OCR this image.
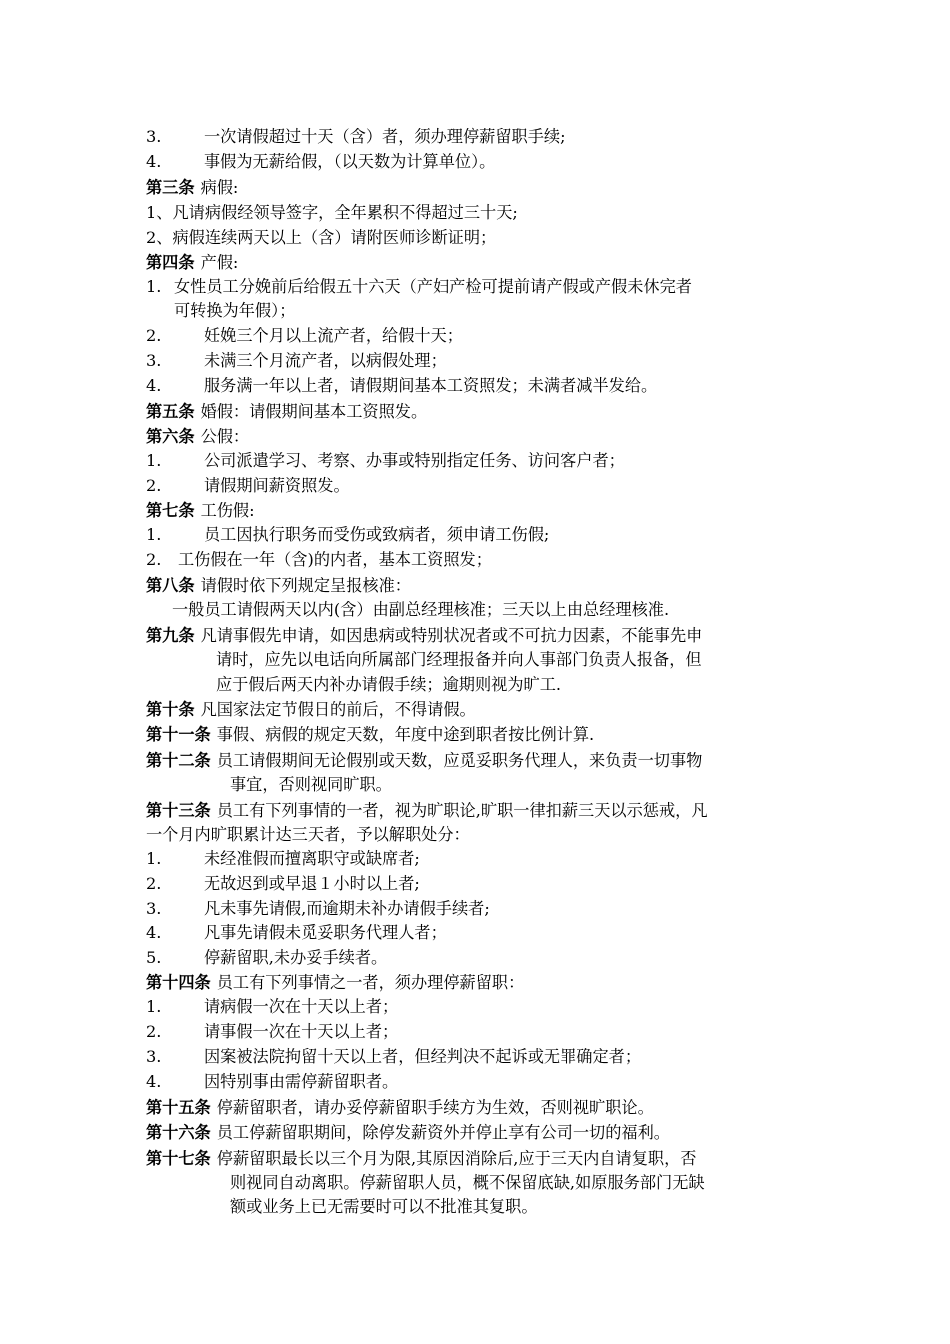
3.	一次请假超过十天（含）者，须办理停薪留职手续;
4.	事假为无薪给假，（以天数为计算单位）。
第三条 病假:
1、凡请病假经领导签字，全年累积不得超过三十天;
2、病假连续两天以上（含）请附医师诊断证明；
第四条 产假:
1. 女性员工分娩前后给假五十六天（产妇产检可提前请产假或产假未休完者
可转换为年假）；
2.	妊娩三个月以上流产者，给假十天；
3.	未满三个月流产者，以病假处理；
4.	服务满一年以上者，请假期间基本工资照发；未满者减半发给。
第五条 婚假：请假期间基本工资照发。
第六条 公假：
1.	公司派遣学习、考察、办事或特别指定任务、访问客户者；
2.	请假期间薪资照发。
第七条 工伤假:
1.	员工因执行职务而受伤或致病者，须申请工伤假;
2. 工伤假在一年（含)的内者，基本工资照发；
第八条 请假时依下列规定呈报核准：
一般员工请假两天以内(含）由副总经理核准；三天以上由总经理核准.
第九条 凡请事假先申请，如因患病或特别状况者或不可抗力因素，不能事先申
请时，应先以电话向所属部门经理报备并向人事部门负责人报备，但
应于假后两天内补办请假手续；逾期则视为旷工.
第十条 凡国家法定节假日的前后，不得请假。
第十一条 事假、病假的规定天数，年度中途到职者按比例计算.
第十二条 员工请假期间无论假别或天数，应觅妥职务代理人，来负责一切事物
事宜，否则视同旷职。
第十三条 员工有下列事情的一者，视为旷职论,旷职一律扣薪三天以示惩戒，凡
一个月内旷职累计达三天者，予以解职处分：
1.	未经准假而擅离职守或缺席者;
2.	无故迟到或早退１小时以上者;
3.	凡未事先请假,而逾期未补办请假手续者;
4.	凡事先请假未觅妥职务代理人者；
5.	停薪留职,未办妥手续者。
第十四条 员工有下列事情之一者，须办理停薪留职：
1.	请病假一次在十天以上者；
2.	请事假一次在十天以上者；
3.	因案被法院拘留十天以上者，但经判决不起诉或无罪确定者；
4.	因特别事由需停薪留职者。
第十五条 停薪留职者，请办妥停薪留职手续方为生效，否则视旷职论。
第十六条 员工停薪留职期间，除停发薪资外并停止享有公司一切的福利。
第十七条 停薪留职最长以三个月为限,其原因消除后,应于三天内自请复职，否
则视同自动离职。停薪留职人员，概不保留底缺,如原服务部门无缺
额或业务上已无需要时可以不批准其复职。
